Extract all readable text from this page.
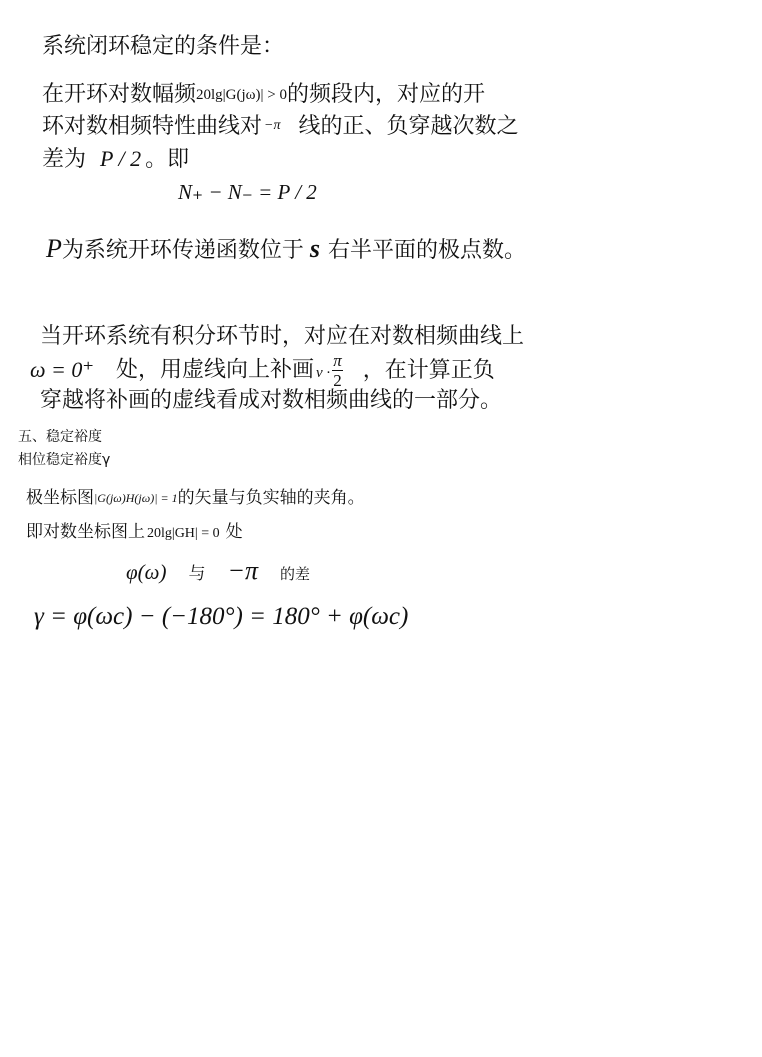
系统闭环稳定的条件是：
在开环对数幅频20lg|G(jω)| > 0的频段内，对应的开
环对数相频特性曲线对 −π 线的正、负穿越次数之
差为 P / 2 。即
N₊ − N₋ = P / 2
P为系统开环传递函数位于 s 右半平面的极点数。
当开环系统有积分环节时，对应在对数相频曲线上
ω = 0⁺ 处，用虚线向上补画 $\nu \cdot \frac{\pi}{2}$ ，在计算正负
穿越将补画的虚线看成对数相频曲线的一部分。
五、稳定裕度
相位稳定裕度γ
极坐标图|G(jω)H(jω)| = 1的矢量与负实轴的夹角。
即对数坐标图上 20lg|GH| = 0 处
φ(ω) 与 −π 的差
γ = φ(ωc) − (−180°) = 180° + φ(ωc)
